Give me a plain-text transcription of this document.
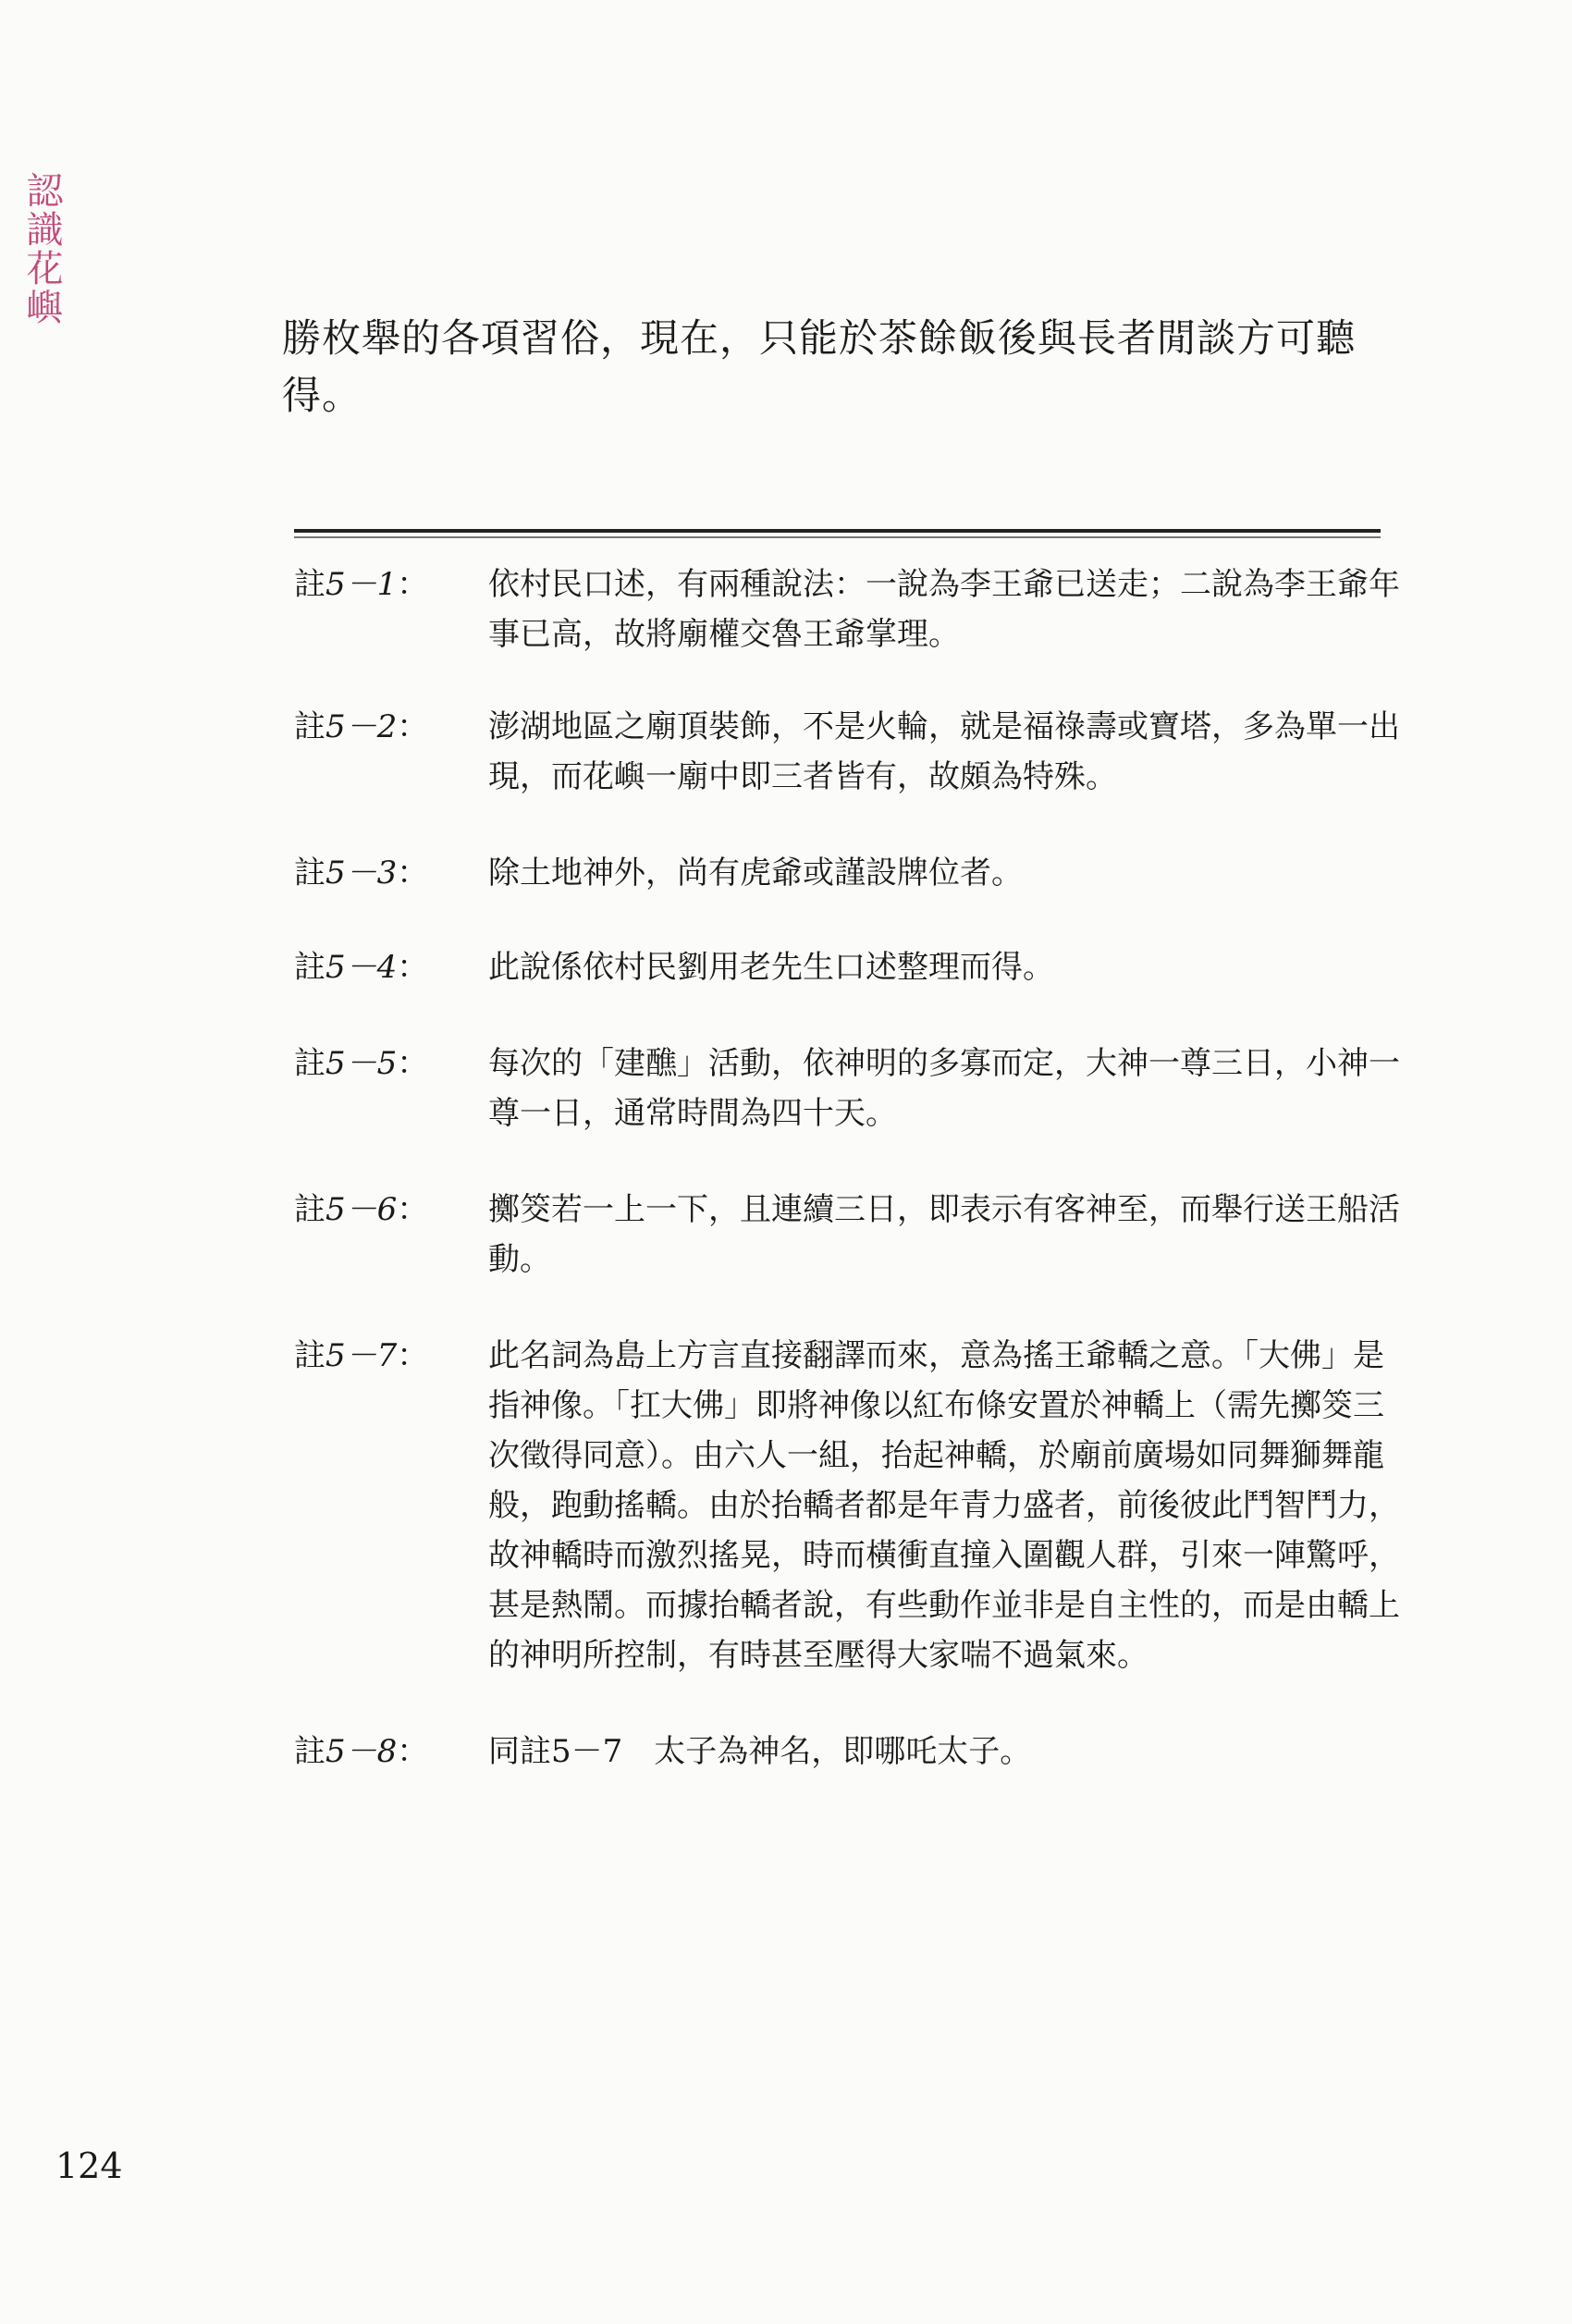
認識花嶼
勝枚舉的各項習俗，現在，只能於茶餘飯後與長者閒談方可聽得。
註5－1：	依村民口述，有兩種說法：一說為李王爺已送走；二說為李王爺年事已高，故將廟權交魯王爺掌理。
註5－2：	澎湖地區之廟頂裝飾，不是火輪，就是福祿壽或寶塔，多為單一出現，而花嶼一廟中即三者皆有，故頗為特殊。
註5－3：	除土地神外，尚有虎爺或謹設牌位者。
註5－4：	此說係依村民劉用老先生口述整理而得。
註5－5：	每次的「建醮」活動，依神明的多寡而定，大神一尊三日，小神一尊一日，通常時間為四十天。
註5－6：	擲筊若一上一下，且連續三日，即表示有客神至，而舉行送王船活動。
註5－7：	此名詞為島上方言直接翻譯而來，意為搖王爺轎之意。「大佛」是指神像。「扛大佛」即將神像以紅布條安置於神轎上（需先擲筊三次徵得同意）。由六人一組，抬起神轎，於廟前廣場如同舞獅舞龍般，跑動搖轎。由於抬轎者都是年青力盛者，前後彼此鬥智鬥力，故神轎時而激烈搖晃，時而橫衝直撞入圍觀人群，引來一陣驚呼，甚是熱鬧。而據抬轎者說，有些動作並非是自主性的，而是由轎上的神明所控制，有時甚至壓得大家喘不過氣來。
註5－8：	同註5－7　太子為神名，即哪吒太子。
124
